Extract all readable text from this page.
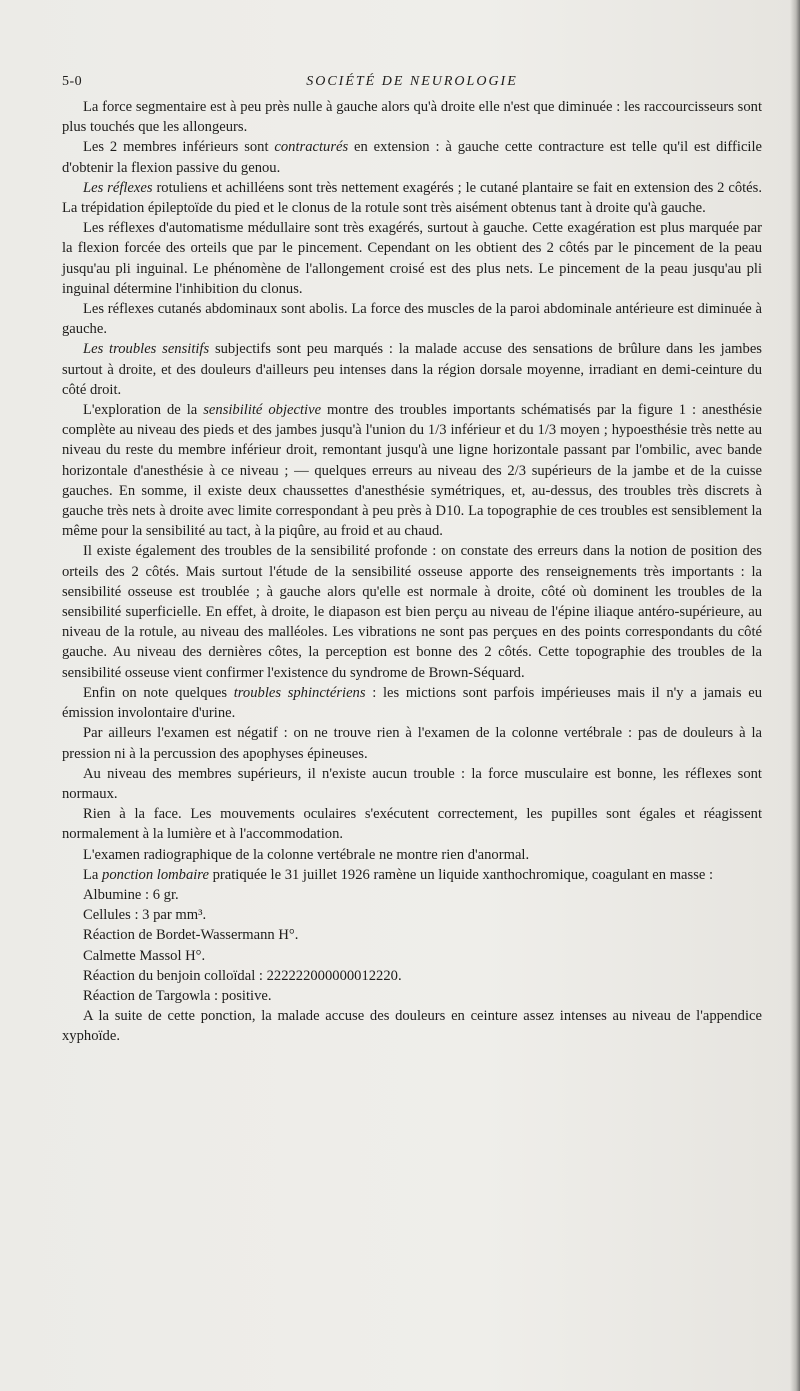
5-0	SOCIÉTÉ DE NEUROLOGIE

La force segmentaire est à peu près nulle à gauche alors qu'à droite elle n'est que diminuée : les raccourcisseurs sont plus touchés que les allongeurs.

Les 2 membres inférieurs sont contracturés en extension : à gauche cette contracture est telle qu'il est difficile d'obtenir la flexion passive du genou.

Les réflexes rotuliens et achilléens sont très nettement exagérés ; le cutané plantaire se fait en extension des 2 côtés. La trépidation épileptoïde du pied et le clonus de la rotule sont très aisément obtenus tant à droite qu'à gauche.

Les réflexes d'automatisme médullaire sont très exagérés, surtout à gauche. Cette exagération est plus marquée par la flexion forcée des orteils que par le pincement. Cependant on les obtient des 2 côtés par le pincement de la peau jusqu'au pli inguinal. Le phénomène de l'allongement croisé est des plus nets. Le pincement de la peau jusqu'au pli inguinal détermine l'inhibition du clonus.

Les réflexes cutanés abdominaux sont abolis. La force des muscles de la paroi abdominale antérieure est diminuée à gauche.

Les troubles sensitifs subjectifs sont peu marqués : la malade accuse des sensations de brûlure dans les jambes surtout à droite, et des douleurs d'ailleurs peu intenses dans la région dorsale moyenne, irradiant en demi-ceinture du côté droit.

L'exploration de la sensibilité objective montre des troubles importants schématisés par la figure 1 : anesthésie complète au niveau des pieds et des jambes jusqu'à l'union du 1/3 inférieur et du 1/3 moyen ; hypoesthésie très nette au niveau du reste du membre inférieur droit, remontant jusqu'à une ligne horizontale passant par l'ombilic, avec bande horizontale d'anesthésie à ce niveau ; — quelques erreurs au niveau des 2/3 supérieurs de la jambe et de la cuisse gauches. En somme, il existe deux chaussettes d'anesthésie symétriques, et, au-dessus, des troubles très discrets à gauche très nets à droite avec limite correspondant à peu près à D10. La topographie de ces troubles est sensiblement la même pour la sensibilité au tact, à la piqûre, au froid et au chaud.

Il existe également des troubles de la sensibilité profonde : on constate des erreurs dans la notion de position des orteils des 2 côtés. Mais surtout l'étude de la sensibilité osseuse apporte des renseignements très importants : la sensibilité osseuse est troublée ; à gauche alors qu'elle est normale à droite, côté où dominent les troubles de la sensibilité superficielle. En effet, à droite, le diapason est bien perçu au niveau de l'épine iliaque antéro-supérieure, au niveau de la rotule, au niveau des malléoles. Les vibrations ne sont pas perçues en des points correspondants du côté gauche. Au niveau des dernières côtes, la perception est bonne des 2 côtés. Cette topographie des troubles de la sensibilité osseuse vient confirmer l'existence du syndrome de Brown-Séquard.

Enfin on note quelques troubles sphinctériens : les mictions sont parfois impérieuses mais il n'y a jamais eu émission involontaire d'urine.

Par ailleurs l'examen est négatif : on ne trouve rien à l'examen de la colonne vertébrale : pas de douleurs à la pression ni à la percussion des apophyses épineuses.

Au niveau des membres supérieurs, il n'existe aucun trouble : la force musculaire est bonne, les réflexes sont normaux.

Rien à la face. Les mouvements oculaires s'exécutent correctement, les pupilles sont égales et réagissent normalement à la lumière et à l'accommodation.

L'examen radiographique de la colonne vertébrale ne montre rien d'anormal.

La ponction lombaire pratiquée le 31 juillet 1926 ramène un liquide xanthochromique, coagulant en masse :

Albumine : 6 gr.

Cellules : 3 par mm³.

Réaction de Bordet-Wassermann H°.

Calmette Massol H°.

Réaction du benjoin colloïdal : 222222000000012220.

Réaction de Targowla : positive.

A la suite de cette ponction, la malade accuse des douleurs en ceinture assez intenses au niveau de l'appendice xyphoïde.
